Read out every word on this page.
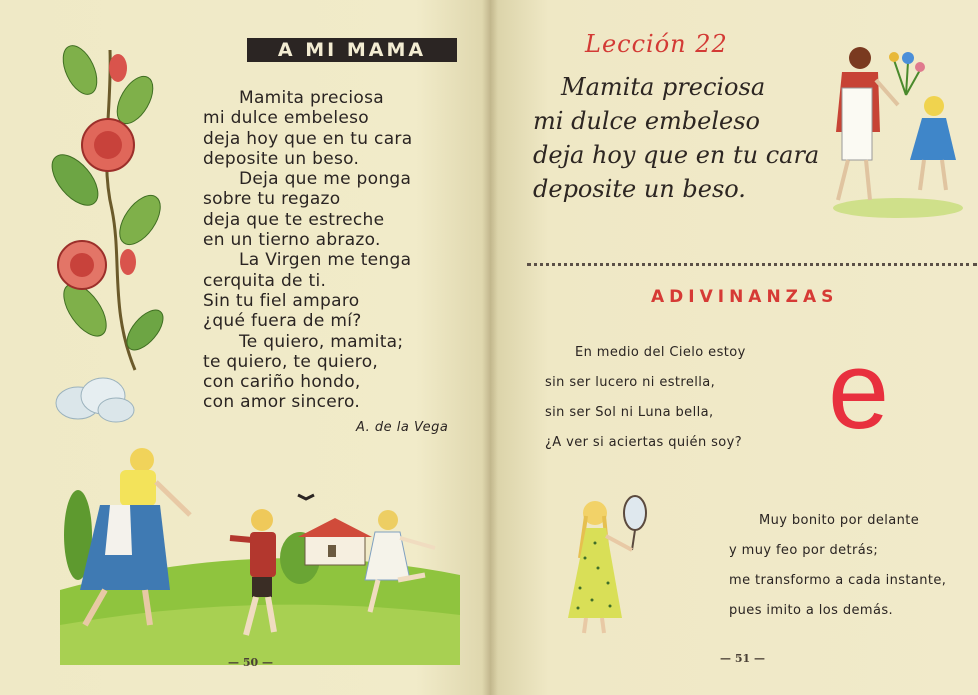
A MI MAMA
Mamita preciosa
mi dulce embeleso
deja hoy que en tu cara
deposite un beso.
Deja que me ponga
sobre tu regazo
deja que te estreche
en un tierno abrazo.
La Virgen me tenga
cerquita de ti.
Sin tu fiel amparo
¿qué fuera de mí?
Te quiero, mamita;
te quiero, te quiero,
con cariño hondo,
con amor sincero.
A. de la Vega
— 50 —
Lección 22
Mamita preciosa
mi dulce embeleso
deja hoy que en tu cara
deposite un beso.
ADIVINANZAS
En medio del Cielo estoy
sin ser lucero ni estrella,
sin ser Sol ni Luna bella,
¿A ver si aciertas quién soy? e
Muy bonito por delante
y muy feo por detrás;
me transformo a cada instante,
pues imito a los demás.
— 51 —
